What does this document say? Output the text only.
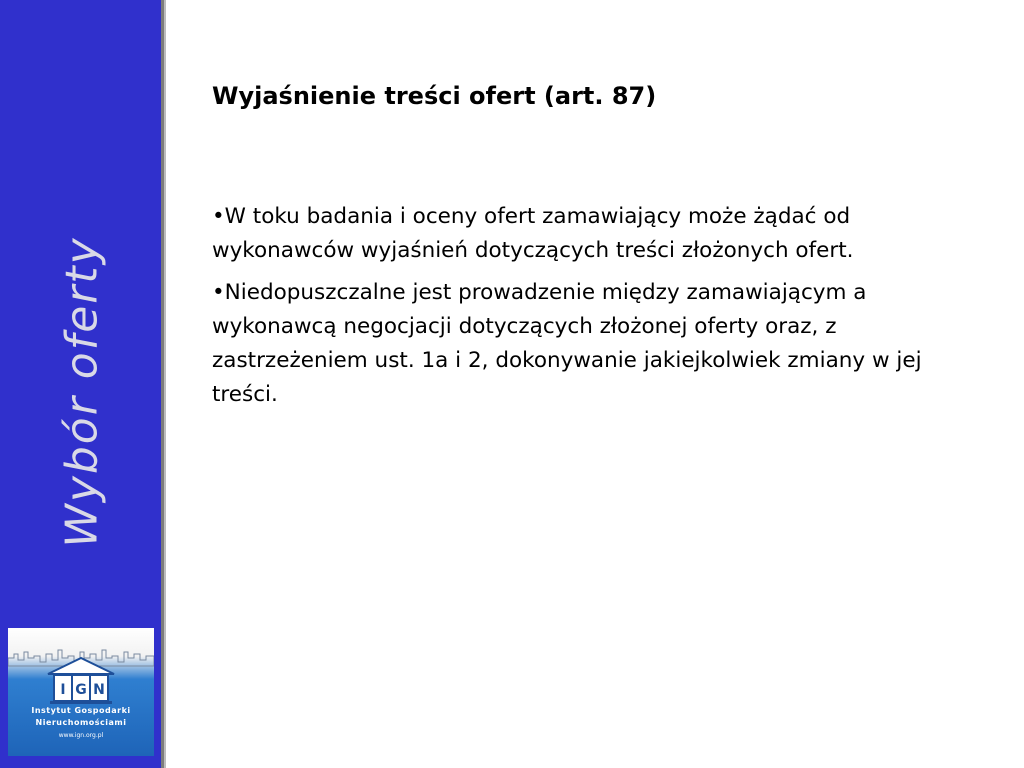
Wybór oferty
I G N
Instytut Gospodarki
Nieruchomościami
www.ign.org.pl
Wyjaśnienie treści ofert (art. 87)

•W toku badania i oceny ofert zamawiający może żądać od wykonawców wyjaśnień dotyczących treści złożonych ofert.

•Niedopuszczalne jest prowadzenie między zamawiającym a wykonawcą negocjacji dotyczących złożonej oferty oraz, z zastrzeżeniem ust. 1a i 2, dokonywanie jakiejkolwiek zmiany w jej treści.
